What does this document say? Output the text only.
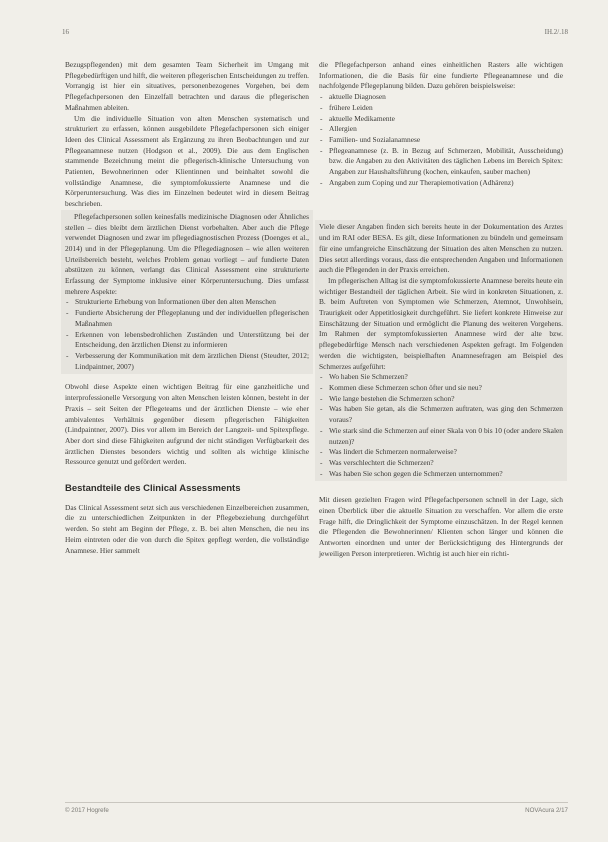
16	IH.2/.18

Bezugspflegenden) mit dem gesamten Team Sicherheit im Umgang mit Pflegebedürftigen und hilft, die weiteren pflegerischen Entscheidungen zu treffen. Vorrangig ist hier ein situatives, personenbezogenes Vorgehen, bei dem Pflegefachpersonen den Einzelfall betrachten und daraus die pflegerischen Maßnahmen ableiten.

Um die individuelle Situation von alten Menschen systematisch und strukturiert zu erfassen, können ausgebildete Pflegefachpersonen sich einiger Ideen des Clinical Assessment als Ergänzung zu ihren Beobachtungen und zur Pflegeanamnese nutzen (Hodgson et al., 2009). Die aus dem Englischen stammende Bezeichnung meint die pflegerisch-klinische Untersuchung von Patienten, Bewohnerinnen oder Klientinnen und beinhaltet sowohl die vollständige Anamnese, die symptomfokussierte Anamnese und die Körperuntersuchung. Was dies im Einzelnen bedeutet wird in diesem Beitrag beschrieben.

Pflegefachpersonen sollen keinesfalls medizinische Diagnosen oder Ähnliches stellen – dies bleibt dem ärztlichen Dienst vorbehalten. Aber auch die Pflege verwendet Diagnosen und zwar im pflegediagnostischen Prozess (Doenges et al., 2014) und in der Pflegeplanung. Um die Pflegediagnosen – wie allen weiteren Urteilsbereich besteht, welches Problem genau vorliegt – auf fundierte Daten abstützen zu können, verlangt das Clinical Assessment eine strukturierte Erfassung der Symptome inklusive einer Körperuntersuchung. Dies umfasst mehrere Aspekte:

- Strukturierte Erhebung von Informationen über den alten Menschen
- Fundierte Absicherung der Pflegeplanung und der individuellen pflegerischen Maßnahmen
- Erkennen von lebensbedrohlichen Zuständen und Unterstützung bei der Entscheidung, den ärztlichen Dienst zu informieren
- Verbesserung der Kommunikation mit dem ärztlichen Dienst (Steudter, 2012; Lindpaintner, 2007)

Obwohl diese Aspekte einen wichtigen Beitrag für eine ganzheitliche und interprofessionelle Versorgung von alten Menschen leisten können, besteht in der Praxis – seit Seiten der Pflegeteams und der ärztlichen Dienste – wie eher ambivalentes Verhältnis gegenüber diesem pflegerischen Fähigkeiten (Lindpaintner, 2007). Dies vor allem im Bereich der Langzeit- und Spitexpflege. Aber dort sind diese Fähigkeiten aufgrund der nicht ständigen Verfügbarkeit des ärztlichen Dienstes besonders wichtig und sollten als wichtige klinische Ressource genutzt und gefördert werden.

Bestandteile des Clinical Assessments

Das Clinical Assessment setzt sich aus verschiedenen Einzelbereichen zusammen, die zu unterschiedlichen Zeitpunkten in der Pflegebeziehung durchgeführt werden. So steht am Beginn der Pflege, z. B. bei alten Menschen, die neu ins Heim eintreten oder die von durch die Spitex gepflegt werden, die vollständige Anamnese. Hier sammelt

die Pflegefachperson anhand eines einheitlichen Rasters alle wichtigen Informationen, die die Basis für eine fundierte Pflegeanamnese und die nachfolgende Pflegeplanung bilden. Dazu gehören beispielsweise:

- aktuelle Diagnosen
- frühere Leiden
- aktuelle Medikamente
- Allergien
- Familien- und Sozialanamnese
- Pflegeanamnese (z. B. in Bezug auf Schmerzen, Mobilität, Ausscheidung) bzw. die Angaben zu den Aktivitäten des täglichen Lebens im Bereich Spitex: Angaben zur Haushaltsführung (kochen, einkaufen, sauber machen)
- Angaben zum Coping und zur Therapiemotivation (Adhärenz)

Viele dieser Angaben finden sich bereits heute in der Dokumentation des Arztes und im RAI oder BESA. Es gilt, diese Informationen zu bündeln und gemeinsam für eine umfangreiche Einschätzung der Situation des alten Menschen zu nutzen. Dies setzt allerdings voraus, dass die entsprechenden Angaben und Informationen auch die Pflegenden in der Praxis erreichen.

Im pflegerischen Alltag ist die symptomfokussierte Anamnese bereits heute ein wichtiger Bestandteil der täglichen Arbeit. Sie wird in konkreten Situationen, z. B. beim Auftreten von Symptomen wie Schmerzen, Atemnot, Unwohlsein, Traurigkeit oder Appetitlosigkeit durchgeführt. Sie liefert konkrete Hinweise zur Einschätzung der Situation und ermöglicht die Planung des weiteren Vorgehens. Im Rahmen der symptomfokussierten Anamnese wird der alte bzw. pflegebedürftige Mensch nach verschiedenen Aspekten gefragt. Im Folgenden werden die wichtigsten, beispielhaften Anamnesefragen am Beispiel des Schmerzes aufgeführt:

- Wo haben Sie Schmerzen?
- Kommen diese Schmerzen schon öfter und sie neu?
- Wie lange bestehen die Schmerzen schon?
- Was haben Sie getan, als die Schmerzen auftraten, was ging den Schmerzen voraus?
- Wie stark sind die Schmerzen auf einer Skala von 0 bis 10 (oder andere Skalen nutzen)?
- Was lindert die Schmerzen normalerweise?
- Was verschlechtert die Schmerzen?
- Was haben Sie schon gegen die Schmerzen unternommen?

Mit diesen gezielten Fragen wird Pflegefachpersonen schnell in der Lage, sich einen Überblick über die aktuelle Situation zu verschaffen. Vor allem die erste Frage hilft, die Dringlichkeit der Symptome einzuschätzen. In der Regel kennen die Pflegenden die Bewohnerinnen/ Klienten schon länger und können die Antworten einordnen und unter der Berücksichtigung des Hintergrunds der jeweiligen Person interpretieren. Wichtig ist auch hier ein richti-

© 2017 Hogrefe	NOVAcura 2/17
